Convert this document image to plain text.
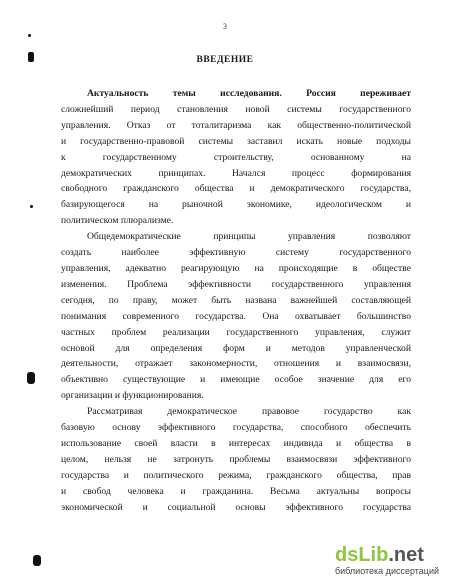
3
ВВЕДЕНИЕ

Актуальность темы исследования. Россия переживает

сложнейший период становления новой системы государственного

управления. Отказ от тоталитаризма как общественно-политической

и государственно-правовой системы заставил искать новые подходы

к государственному строительству, основанному на

демократических принципах. Начался процесс формирования

свободного гражданского общества и демократического государства,

базирующегося на рыночной экономике, идеологическом и

политическом плюрализме.

Общедемократические принципы управления позволяют

создать наиболее эффективную систему государственного

управления, адекватно реагирующую на происходящие в обществе

изменения. Проблема эффективности государственного управления

сегодня, по праву, может быть названа важнейшей составляющей

понимания современного государства. Она охватывает большинство

частных проблем реализации государственного управления, служит

основой для определения форм и методов управленческой

деятельности, отражает закономерности, отношения и взаимосвязи,

объективно существующие и имеющие особое значение для его

организации и функционирования.

Рассматривая демократическое правовое государство как

базовую основу эффективного государства, способного обеспечить

использование своей власти в интересах индивида и общества в

целом, нельзя не затронуть проблемы взаимосвязи эффективного

государства и политического режима, гражданского общества, прав

и свобод человека и гражданина. Весьма актуальны вопросы

экономической и социальной основы эффективного государства

dsLib.net
библиотека диссертаций
